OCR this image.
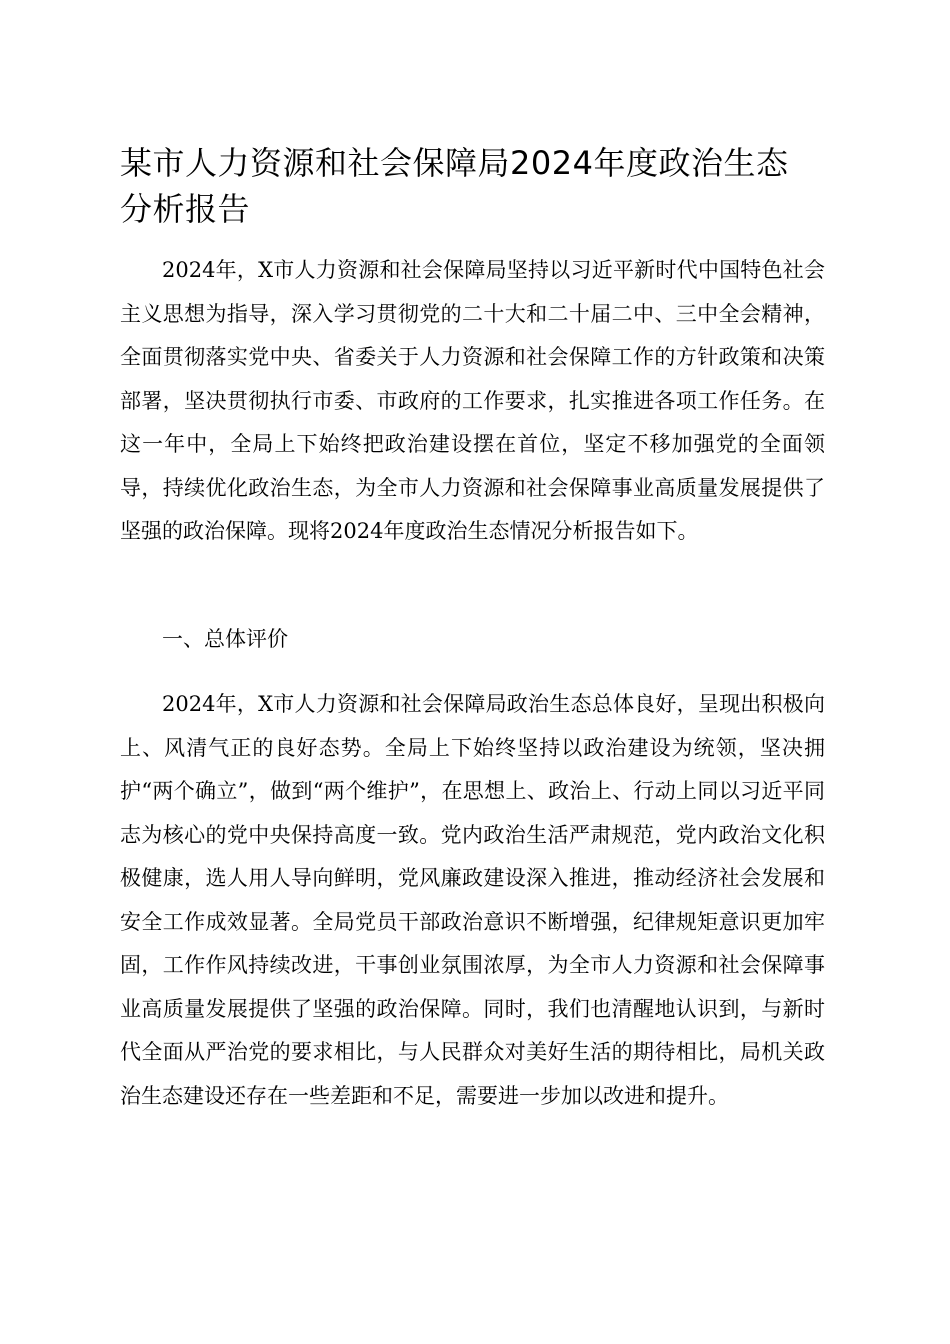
某市人力资源和社会保障局2024年度政治生态分析报告

2024年，X市人力资源和社会保障局坚持以习近平新时代中国特色社会主义思想为指导，深入学习贯彻党的二十大和二十届二中、三中全会精神，全面贯彻落实党中央、省委关于人力资源和社会保障工作的方针政策和决策部署，坚决贯彻执行市委、市政府的工作要求，扎实推进各项工作任务。在这一年中，全局上下始终把政治建设摆在首位，坚定不移加强党的全面领导，持续优化政治生态，为全市人力资源和社会保障事业高质量发展提供了坚强的政治保障。现将2024年度政治生态情况分析报告如下。

一、总体评价

2024年，X市人力资源和社会保障局政治生态总体良好，呈现出积极向上、风清气正的良好态势。全局上下始终坚持以政治建设为统领，坚决拥护“两个确立”，做到“两个维护”，在思想上、政治上、行动上同以习近平同志为核心的党中央保持高度一致。党内政治生活严肃规范，党内政治文化积极健康，选人用人导向鲜明，党风廉政建设深入推进，推动经济社会发展和安全工作成效显著。全局党员干部政治意识不断增强，纪律规矩意识更加牢固，工作作风持续改进，干事创业氛围浓厚，为全市人力资源和社会保障事业高质量发展提供了坚强的政治保障。同时，我们也清醒地认识到，与新时代全面从严治党的要求相比，与人民群众对美好生活的期待相比，局机关政治生态建设还存在一些差距和不足，需要进一步加以改进和提升。
